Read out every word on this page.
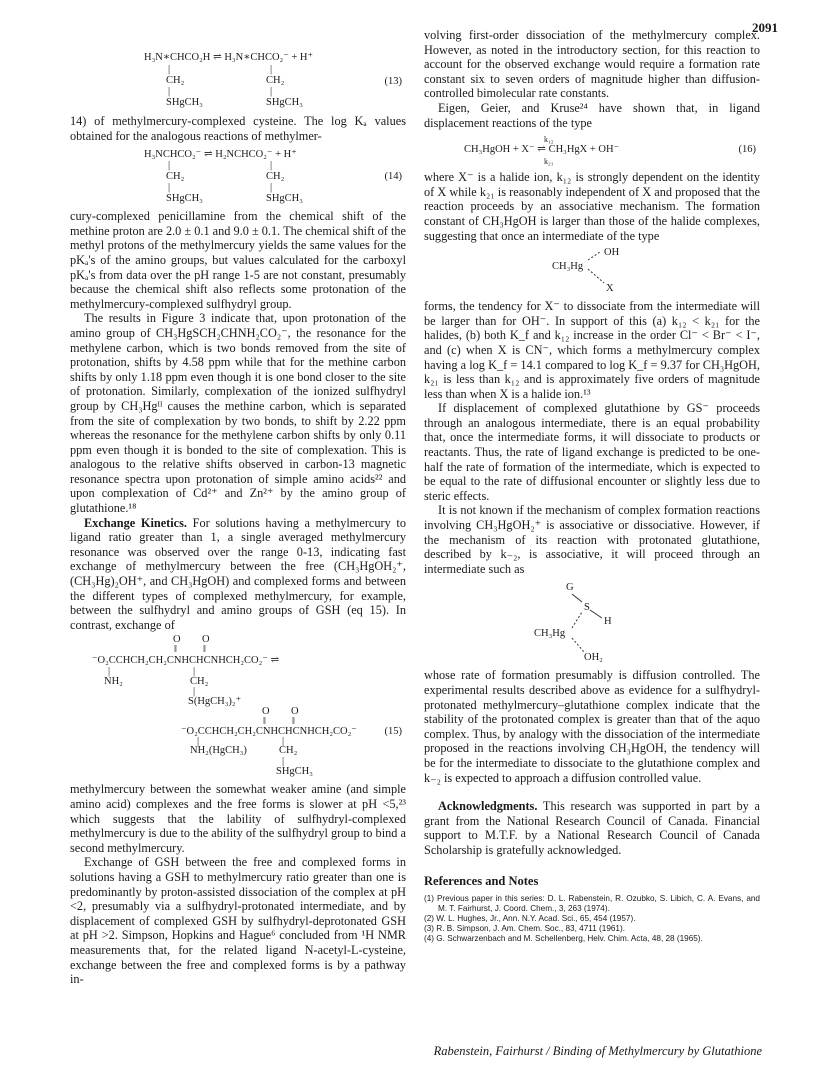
2091
H₃N∗CHCO₂H ⇌ H₃N∗CHCO₂⁻ + H⁺
|	|
CH₂	CH₂
|	|
SHgCH₃	SHgCH₃
(13)

14) of methylmercury-complexed cysteine. The log Kₐ values obtained for the analogous reactions of methylmer-

H₃NCHCO₂⁻ ⇌ H₂NCHCO₂⁻ + H⁺
|	|
CH₂	CH₂
|	|
SHgCH₃	SHgCH₃
(14)

cury-complexed penicillamine from the chemical shift of the methine proton are 2.0 ± 0.1 and 9.0 ± 0.1. The chemical shift of the methyl protons of the methylmercury yields the same values for the pKₐ's of the amino groups, but values calculated for the carboxyl pKₐ's from data over the pH range 1-5 are not constant, presumably because the chemical shift also reflects some protonation of the methylmercury-complexed sulfhydryl group.

The results in Figure 3 indicate that, upon protonation of the amino group of CH₃HgSCH₂CHNH₂CO₂⁻, the resonance for the methylene carbon, which is two bonds removed from the site of protonation, shifts by 4.58 ppm while that for the methine carbon shifts by only 1.18 ppm even though it is one bond closer to the site of protonation. Similarly, complexation of the ionized sulfhydryl group by CH₃Hgᴵᴵ causes the methine carbon, which is separated from the site of complexation by two bonds, to shift by 2.22 ppm whereas the resonance for the methylene carbon shifts by only 0.11 ppm even though it is bonded to the site of complexation. This is analogous to the relative shifts observed in carbon-13 magnetic resonance spectra upon protonation of simple amino acids²² and upon complexation of Cd²⁺ and Zn²⁺ by the amino group of glutathione.¹⁸

Exchange Kinetics. For solutions having a methylmercury to ligand ratio greater than 1, a single averaged methylmercury resonance was observed over the range 0-13, indicating fast exchange of methylmercury between the free (CH₃HgOH₂⁺, (CH₃Hg)₂OH⁺, and CH₃HgOH) and complexed forms and between the different types of complexed methylmercury, for example, between the sulfhydryl and amino groups of GSH (eq 15). In contrast, exchange of

O O
‖ ‖
⁻O₂CCHCH₂CH₂CNHCHCNHCH₂CO₂⁻ ⇌
|	|
NH₂	CH₂
|
S(HgCH₃)₂⁺
O O
‖ ‖
⁻O₂CCHCH₂CH₂CNHCHCNHCH₂CO₂⁻	(15)
|	|
NH₂(HgCH₃)	CH₂
|
SHgCH₃

methylmercury between the somewhat weaker amine (and simple amino acid) complexes and the free forms is slower at pH <5,²³ which suggests that the lability of sulfhydryl-complexed methylmercury is due to the ability of the sulfhydryl group to bind a second methylmercury.

Exchange of GSH between the free and complexed forms in solutions having a GSH to methylmercury ratio greater than one is predominantly by proton-assisted dissociation of the complex at pH <2, presumably via a sulfhydryl-protonated intermediate, and by displacement of complexed GSH by sulfhydryl-deprotonated GSH at pH >2. Simpson, Hopkins and Hague⁶ concluded from ¹H NMR measurements that, for the related ligand N-acetyl-L-cysteine, exchange between the free and complexed forms is by a pathway in-

volving first-order dissociation of the methylmercury complex. However, as noted in the introductory section, for this reaction to account for the observed exchange would require a formation rate constant six to seven orders of magnitude higher than diffusion-controlled bimolecular rate constants.

Eigen, Geier, and Kruse²⁴ have shown that, in ligand displacement reactions of the type

k₁₂
CH₃HgOH + X⁻ ⇌ CH₃HgX + OH⁻
k₂₁
(16)

where X⁻ is a halide ion, k₁₂ is strongly dependent on the identity of X while k₂₁ is reasonably independent of X and proposed that the reaction proceeds by an associative mechanism. The formation constant of CH₃HgOH is larger than those of the halide complexes, suggesting that once an intermediate of the type

OH
CH₃Hg
X

forms, the tendency for X⁻ to dissociate from the intermediate will be larger than for OH⁻. In support of this (a) k₁₂ < k₂₁ for the halides, (b) both K_f and k₁₂ increase in the order Cl⁻ < Br⁻ < I⁻, and (c) when X is CN⁻, which forms a methylmercury complex having a log K_f = 14.1 compared to log K_f = 9.37 for CH₃HgOH, k₂₁ is less than k₁₂ and is approximately five orders of magnitude less than when X is a halide ion.¹³

If displacement of complexed glutathione by GS⁻ proceeds through an analogous intermediate, there is an equal probability that, once the intermediate forms, it will dissociate to products or reactants. Thus, the rate of ligand exchange is predicted to be one-half the rate of formation of the intermediate, which is expected to be equal to the rate of diffusional encounter or slightly less due to steric effects.

It is not known if the mechanism of complex formation reactions involving CH₃HgOH₂⁺ is associative or dissociative. However, if the mechanism of its reaction with protonated glutathione, described by k₋₂, is associative, it will proceed through an intermediate such as

G
S
H
CH₃Hg
OH₂

whose rate of formation presumably is diffusion controlled. The experimental results described above as evidence for a sulfhydryl-protonated methylmercury–glutathione complex indicate that the stability of the protonated complex is greater than that of the aquo complex. Thus, by analogy with the dissociation of the intermediate proposed in the reactions involving CH₃HgOH, the tendency will be for the intermediate to dissociate to the glutathione complex and k₋₂ is expected to approach a diffusion controlled value.

Acknowledgments. This research was supported in part by a grant from the National Research Council of Canada. Financial support to M.T.F. by a National Research Council of Canada Scholarship is gratefully acknowledged.

References and Notes
(1) Previous paper in this series: D. L. Rabenstein, R. Ozubko, S. Libich, C. A. Evans, and M. T. Fairhurst, J. Coord. Chem., 3, 263 (1974).
(2) W. L. Hughes, Jr., Ann. N.Y. Acad. Sci., 65, 454 (1957).
(3) R. B. Simpson, J. Am. Chem. Soc., 83, 4711 (1961).
(4) G. Schwarzenbach and M. Schellenberg, Helv. Chim. Acta, 48, 28 (1965).
Rabenstein, Fairhurst / Binding of Methylmercury by Glutathione
